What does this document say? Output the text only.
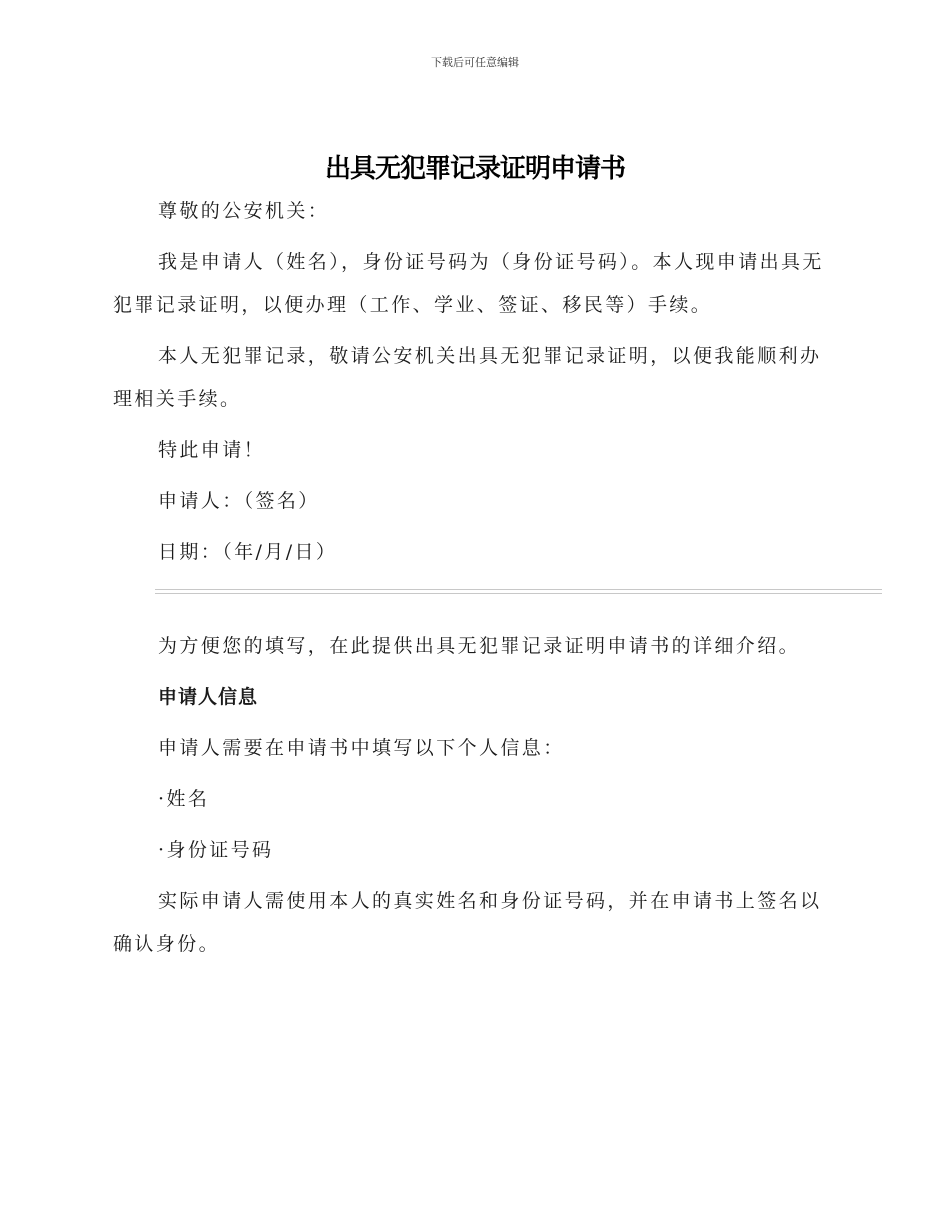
下载后可任意编辑
出具无犯罪记录证明申请书

尊敬的公安机关：

我是申请人（姓名），身份证号码为（身份证号码）。本人现申请出具无犯罪记录证明，以便办理（工作、学业、签证、移民等）手续。

本人无犯罪记录，敬请公安机关出具无犯罪记录证明，以便我能顺利办理相关手续。

特此申请！

申请人：（签名）

日期：（年/月/日）

为方便您的填写，在此提供出具无犯罪记录证明申请书的详细介绍。

申请人信息

申请人需要在申请书中填写以下个人信息：

·姓名

·身份证号码

实际申请人需使用本人的真实姓名和身份证号码，并在申请书上签名以确认身份。
